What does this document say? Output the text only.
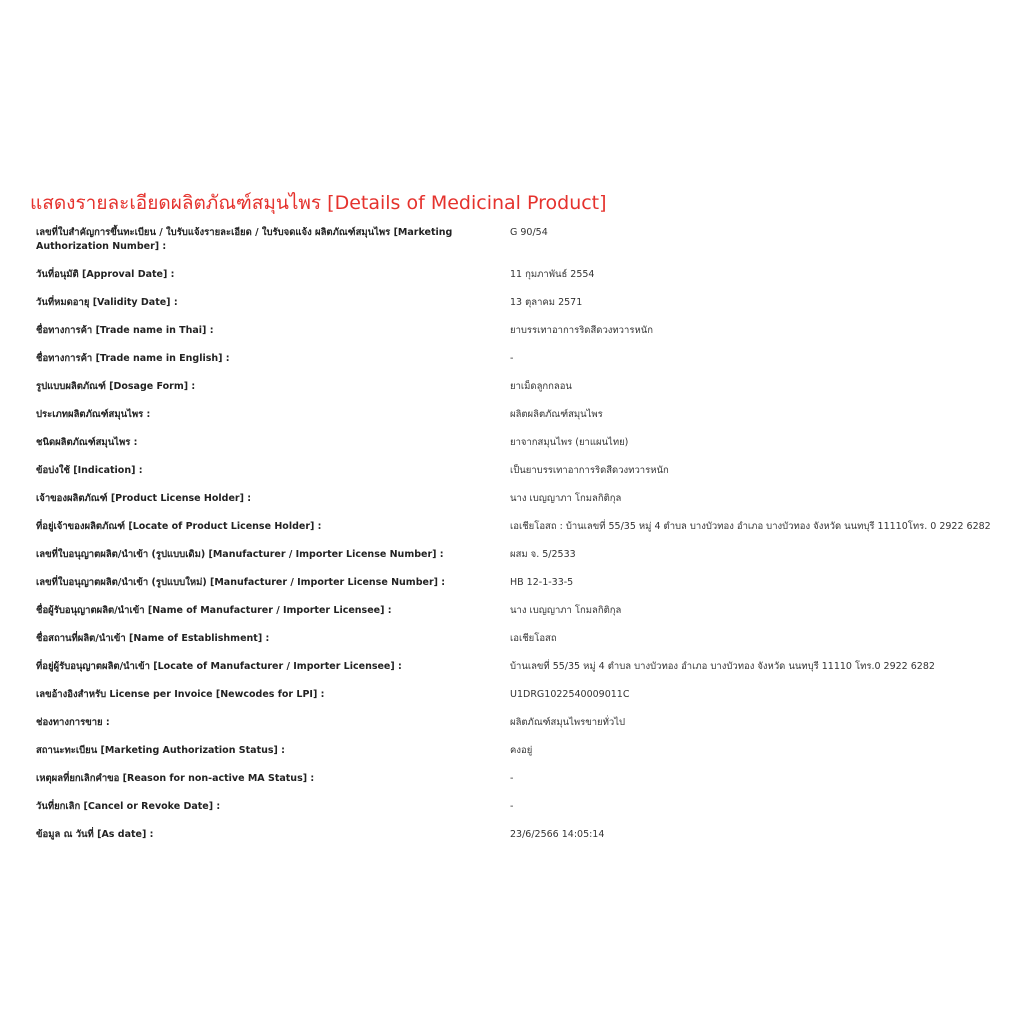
แสดงรายละเอียดผลิตภัณฑ์สมุนไพร [Details of Medicinal Product]
เลขที่ใบสำคัญการขึ้นทะเบียน / ใบรับแจ้งรายละเอียด / ใบรับจดแจ้ง ผลิตภัณฑ์สมุนไพร [Marketing Authorization Number] :
G 90/54
วันที่อนุมัติ [Approval Date] :	11 กุมภาพันธ์ 2554
วันที่หมดอายุ [Validity Date] :	13 ตุลาคม 2571
ชื่อทางการค้า [Trade name in Thai] :	ยาบรรเทาอาการริดสีดวงทวารหนัก
ชื่อทางการค้า [Trade name in English] :	-
รูปแบบผลิตภัณฑ์ [Dosage Form] :	ยาเม็ดลูกกลอน
ประเภทผลิตภัณฑ์สมุนไพร :	ผลิตผลิตภัณฑ์สมุนไพร
ชนิดผลิตภัณฑ์สมุนไพร :	ยาจากสมุนไพร (ยาแผนไทย)
ข้อบ่งใช้ [Indication] :	เป็นยาบรรเทาอาการริดสีดวงทวารหนัก
เจ้าของผลิตภัณฑ์ [Product License Holder] :	นาง เบญญาภา โกมลกิติกุล
ที่อยู่เจ้าของผลิตภัณฑ์ [Locate of Product License Holder] :	เอเชียโอสถ : บ้านเลขที่ 55/35 หมู่ 4 ตำบล บางบัวทอง อำเภอ บางบัวทอง จังหวัด นนทบุรี 11110โทร. 0 2922 6282
เลขที่ใบอนุญาตผลิต/นำเข้า (รูปแบบเดิม) [Manufacturer / Importer License Number] :	ผสม จ. 5/2533
เลขที่ใบอนุญาตผลิต/นำเข้า (รูปแบบใหม่) [Manufacturer / Importer License Number] :	HB 12-1-33-5
ชื่อผู้รับอนุญาตผลิต/นำเข้า [Name of Manufacturer / Importer Licensee] :	นาง เบญญาภา โกมลกิติกุล
ชื่อสถานที่ผลิต/นำเข้า [Name of Establishment] :	เอเชียโอสถ
ที่อยู่ผู้รับอนุญาตผลิต/นำเข้า [Locate of Manufacturer / Importer Licensee] :	บ้านเลขที่ 55/35 หมู่ 4 ตำบล บางบัวทอง อำเภอ บางบัวทอง จังหวัด นนทบุรี 11110 โทร.0 2922 6282
เลขอ้างอิงสำหรับ License per Invoice [Newcodes for LPI] :	U1DRG1022540009011C
ช่องทางการขาย :	ผลิตภัณฑ์สมุนไพรขายทั่วไป
สถานะทะเบียน [Marketing Authorization Status] :	คงอยู่
เหตุผลที่ยกเลิกคำขอ [Reason for non-active MA Status] :	-
วันที่ยกเลิก [Cancel or Revoke Date] :	-
ข้อมูล ณ วันที่ [As date] :	23/6/2566 14:05:14
